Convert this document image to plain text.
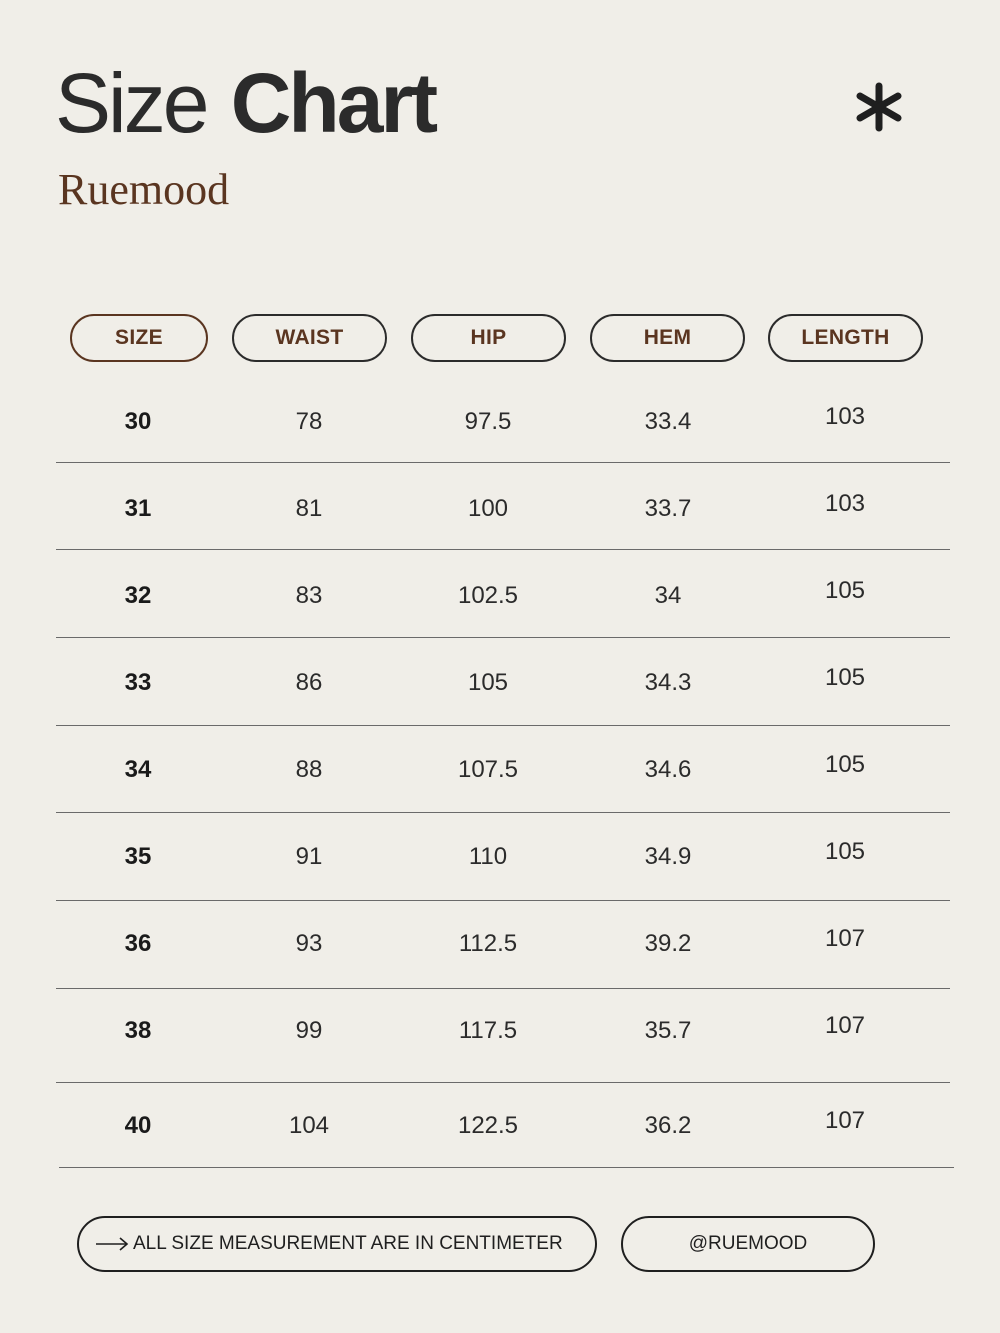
Size Chart
Ruemood
SIZE	WAIST	HIP	HEM	LENGTH
30	78	97.5	33.4	103
31	81	100	33.7	103
32	83	102.5	34	105
33	86	105	34.3	105
34	88	107.5	34.6	105
35	91	110	34.9	105
36	93	112.5	39.2	107
38	99	117.5	35.7	107
40	104	122.5	36.2	107
ALL SIZE MEASUREMENT ARE IN CENTIMETER	@RUEMOOD
